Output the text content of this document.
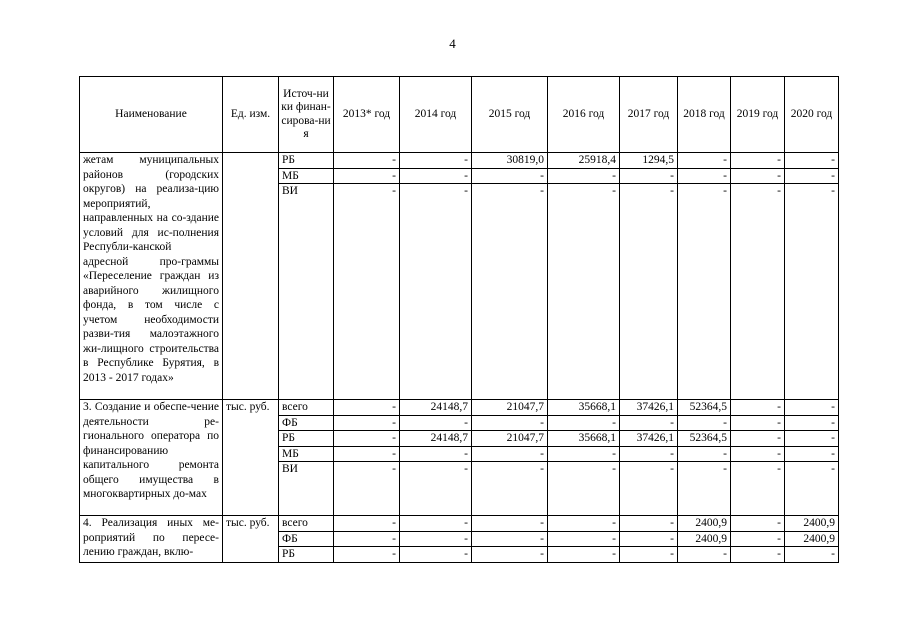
4
Наименование	Ед. изм.	Источ-ники финан-сирова-ния	2013* год	2014 год	2015 год	2016 год	2017 год	2018 год	2019 год	2020 год
жетам муниципальных районов (городских округов) на реализа-цию мероприятий, направленных на со-здание условий для ис-полнения Республи-канской адресной про-граммы «Переселение граждан из аварийного жилищного фонда, в том числе с учетом необходимости разви-тия малоэтажного жи-лищного строительства в Республике Бурятия, в 2013 - 2017 годах»		РБ	-	-	30819,0	25918,4	1294,5	-	-	-
		МБ	-	-	-	-	-	-	-	-
		ВИ	-	-	-	-	-	-	-	-
3. Создание и обеспе-чение деятельности ре-гионального оператора по финансированию капитального ремонта общего имущества в многоквартирных до-мах	тыс. руб.	всего	-	24148,7	21047,7	35668,1	37426,1	52364,5	-	-
		ФБ	-	-	-	-	-	-	-	-
		РБ	-	24148,7	21047,7	35668,1	37426,1	52364,5	-	-
		МБ	-	-	-	-	-	-	-	-
		ВИ	-	-	-	-	-	-	-	-
4. Реализация иных ме-роприятий по пересе-лению граждан, вклю-	тыс. руб.	всего	-	-	-	-	-	2400,9	-	2400,9
		ФБ	-	-	-	-	-	2400,9	-	2400,9
		РБ	-	-	-	-	-	-	-	-
